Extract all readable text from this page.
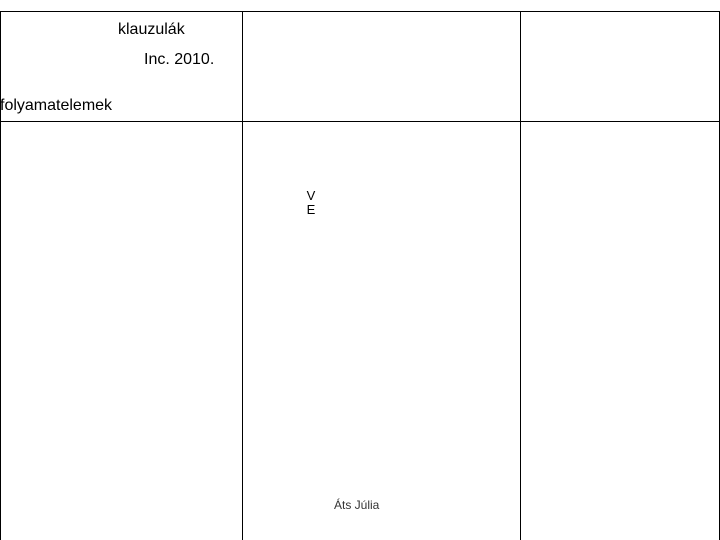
V
E
klauzulák
Inc. 2010.
folyamatelemek
Áts Júlia
